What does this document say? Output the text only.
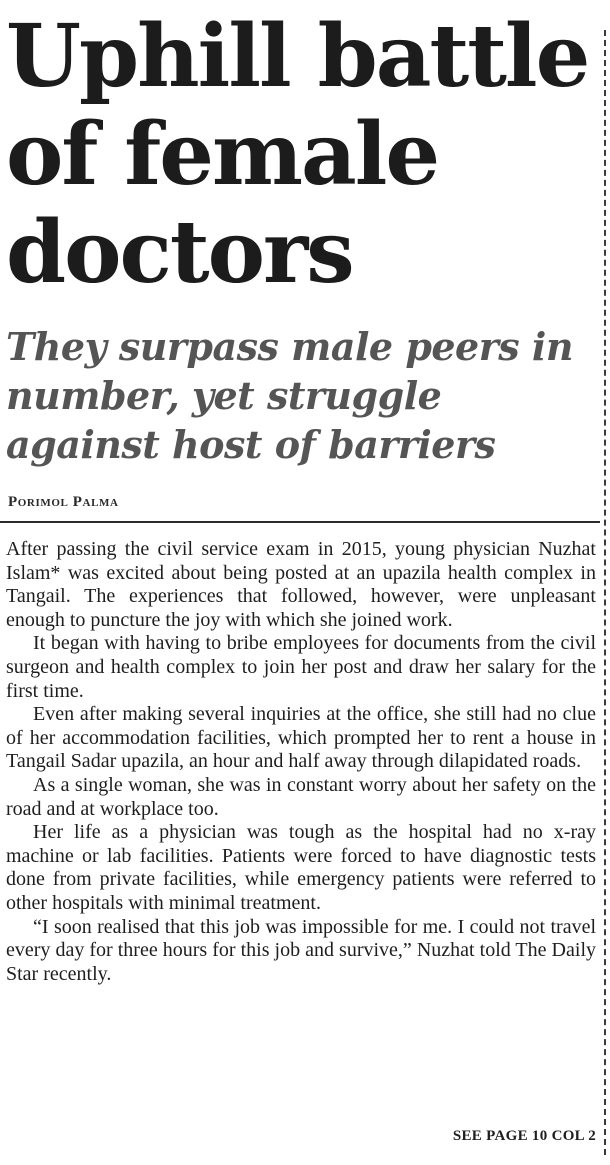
Uphill battle of female doctors
They surpass male peers in number, yet struggle against host of barriers

Porimol Palma

After passing the civil service exam in 2015, young physician Nuzhat Islam* was excited about being posted at an upazila health complex in Tangail. The experiences that followed, however, were unpleasant enough to puncture the joy with which she joined work.

It began with having to bribe employees for documents from the civil surgeon and health complex to join her post and draw her salary for the first time.

Even after making several inquiries at the office, she still had no clue of her accommodation facilities, which prompted her to rent a house in Tangail Sadar upazila, an hour and half away through dilapidated roads.

As a single woman, she was in constant worry about her safety on the road and at workplace too.

Her life as a physician was tough as the hospital had no x-ray machine or lab facilities. Patients were forced to have diagnostic tests done from private facilities, while emergency patients were referred to other hospitals with minimal treatment.

“I soon realised that this job was impossible for me. I could not travel every day for three hours for this job and survive,” Nuzhat told The Daily Star recently.

SEE PAGE 10 COL 2
